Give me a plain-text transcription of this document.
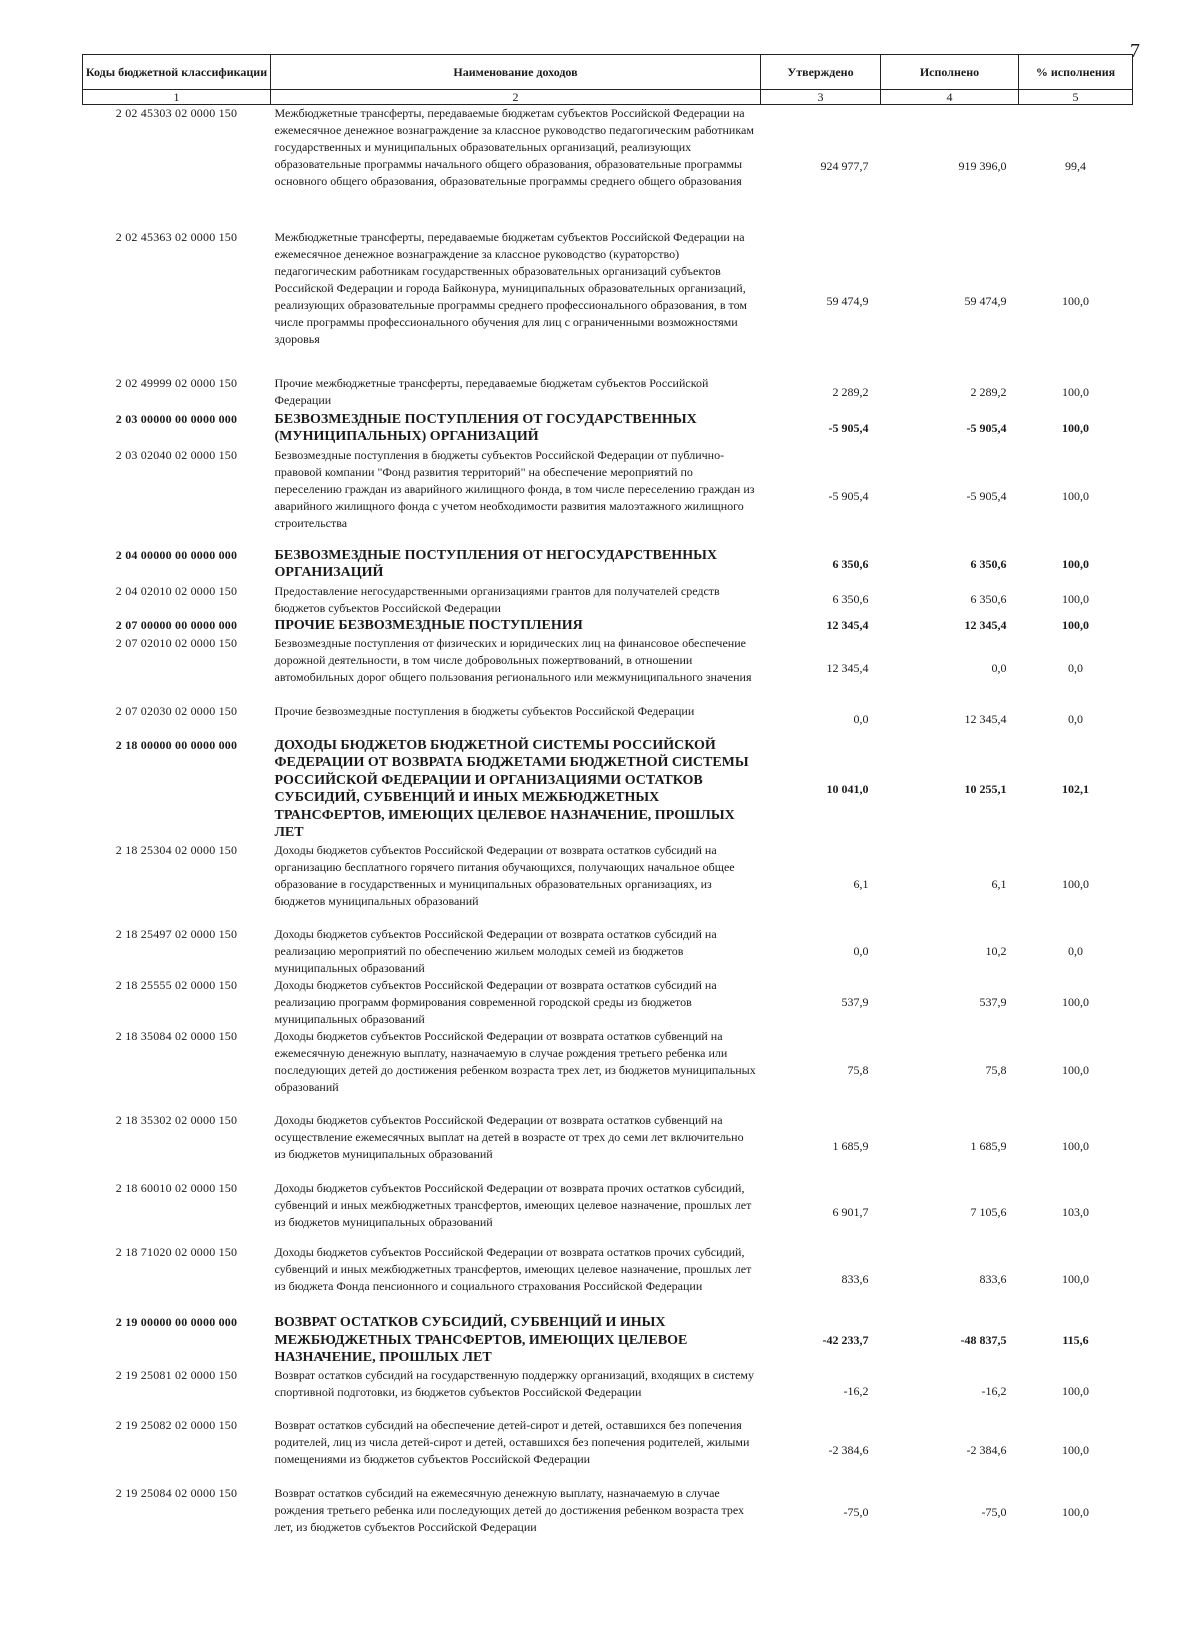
7
Коды бюджетной классификации	Наименование доходов	Утверждено	Исполнено	% исполнения
1	2	3	4	5
2 02 45303 02 0000 150	Межбюджетные трансферты, передаваемые бюджетам субъектов Российской Федерации на ежемесячное денежное вознаграждение за классное руководство педагогическим работникам государственных и муниципальных образовательных организаций, реализующих образовательные программы начального общего образования, образовательные программы основного общего образования, образовательные программы среднего общего образования	924 977,7	919 396,0	99,4
2 02 45363 02 0000 150	Межбюджетные трансферты, передаваемые бюджетам субъектов Российской Федерации на ежемесячное денежное вознаграждение за классное руководство (кураторство) педагогическим работникам государственных образовательных организаций субъектов Российской Федерации и города Байконура, муниципальных образовательных организаций, реализующих образовательные программы среднего профессионального образования, в том числе программы профессионального обучения для лиц с ограниченными возможностями здоровья	59 474,9	59 474,9	100,0
2 02 49999 02 0000 150	Прочие межбюджетные трансферты, передаваемые бюджетам субъектов Российской Федерации	2 289,2	2 289,2	100,0
2 03 00000 00 0000 000	БЕЗВОЗМЕЗДНЫЕ ПОСТУПЛЕНИЯ ОТ ГОСУДАРСТВЕННЫХ (МУНИЦИПАЛЬНЫХ) ОРГАНИЗАЦИЙ	-5 905,4	-5 905,4	100,0
2 03 02040 02 0000 150	Безвозмездные поступления в бюджеты субъектов Российской Федерации от публично-правовой компании "Фонд развития территорий" на обеспечение мероприятий по переселению граждан из аварийного жилищного фонда, в том числе переселению граждан из аварийного жилищного фонда с учетом необходимости развития малоэтажного жилищного строительства	-5 905,4	-5 905,4	100,0
2 04 00000 00 0000 000	БЕЗВОЗМЕЗДНЫЕ ПОСТУПЛЕНИЯ ОТ НЕГОСУДАРСТВЕННЫХ ОРГАНИЗАЦИЙ	6 350,6	6 350,6	100,0
2 04 02010 02 0000 150	Предоставление негосударственными организациями грантов для получателей средств бюджетов субъектов Российской Федерации	6 350,6	6 350,6	100,0
2 07 00000 00 0000 000	ПРОЧИЕ БЕЗВОЗМЕЗДНЫЕ ПОСТУПЛЕНИЯ	12 345,4	12 345,4	100,0
2 07 02010 02 0000 150	Безвозмездные поступления от физических и юридических лиц на финансовое обеспечение дорожной деятельности, в том числе добровольных пожертвований, в отношении автомобильных дорог общего пользования регионального или межмуниципального значения	12 345,4	0,0	0,0
2 07 02030 02 0000 150	Прочие безвозмездные поступления в бюджеты субъектов Российской Федерации	0,0	12 345,4	0,0
2 18 00000 00 0000 000	ДОХОДЫ БЮДЖЕТОВ БЮДЖЕТНОЙ СИСТЕМЫ РОССИЙСКОЙ ФЕДЕРАЦИИ ОТ ВОЗВРАТА БЮДЖЕТАМИ БЮДЖЕТНОЙ СИСТЕМЫ РОССИЙСКОЙ ФЕДЕРАЦИИ И ОРГАНИЗАЦИЯМИ ОСТАТКОВ СУБСИДИЙ, СУБВЕНЦИЙ И ИНЫХ МЕЖБЮДЖЕТНЫХ ТРАНСФЕРТОВ, ИМЕЮЩИХ ЦЕЛЕВОЕ НАЗНАЧЕНИЕ, ПРОШЛЫХ ЛЕТ	10 041,0	10 255,1	102,1
2 18 25304 02 0000 150	Доходы бюджетов субъектов Российской Федерации от возврата остатков субсидий на организацию бесплатного горячего питания обучающихся, получающих начальное общее образование в государственных и муниципальных образовательных организациях, из бюджетов муниципальных образований	6,1	6,1	100,0
2 18 25497 02 0000 150	Доходы бюджетов субъектов Российской Федерации от возврата остатков субсидий на реализацию мероприятий по обеспечению жильем молодых семей из бюджетов муниципальных образований	0,0	10,2	0,0
2 18 25555 02 0000 150	Доходы бюджетов субъектов Российской Федерации от возврата остатков субсидий на реализацию программ формирования современной городской среды из бюджетов муниципальных образований	537,9	537,9	100,0
2 18 35084 02 0000 150	Доходы бюджетов субъектов Российской Федерации от возврата остатков субвенций на ежемесячную денежную выплату, назначаемую в случае рождения третьего ребенка или последующих детей до достижения ребенком возраста трех лет, из бюджетов муниципальных образований	75,8	75,8	100,0
2 18 35302 02 0000 150	Доходы бюджетов субъектов Российской Федерации от возврата остатков субвенций на осуществление ежемесячных выплат на детей в возрасте от трех до семи лет включительно из бюджетов муниципальных образований	1 685,9	1 685,9	100,0
2 18 60010 02 0000 150	Доходы бюджетов субъектов Российской Федерации от возврата прочих остатков субсидий, субвенций и иных межбюджетных трансфертов, имеющих целевое назначение, прошлых лет из бюджетов муниципальных образований	6 901,7	7 105,6	103,0
2 18 71020 02 0000 150	Доходы бюджетов субъектов Российской Федерации от возврата остатков прочих субсидий, субвенций и иных межбюджетных трансфертов, имеющих целевое назначение, прошлых лет из бюджета Фонда пенсионного и социального страхования Российской Федерации	833,6	833,6	100,0
2 19 00000 00 0000 000	ВОЗВРАТ ОСТАТКОВ СУБСИДИЙ, СУБВЕНЦИЙ И ИНЫХ МЕЖБЮДЖЕТНЫХ ТРАНСФЕРТОВ, ИМЕЮЩИХ ЦЕЛЕВОЕ НАЗНАЧЕНИЕ, ПРОШЛЫХ ЛЕТ	-42 233,7	-48 837,5	115,6
2 19 25081 02 0000 150	Возврат остатков субсидий на государственную поддержку организаций, входящих в систему спортивной подготовки, из бюджетов субъектов Российской Федерации	-16,2	-16,2	100,0
2 19 25082 02 0000 150	Возврат остатков субсидий на обеспечение детей-сирот и детей, оставшихся без попечения родителей, лиц из числа детей-сирот и детей, оставшихся без попечения родителей, жилыми помещениями из бюджетов субъектов Российской Федерации	-2 384,6	-2 384,6	100,0
2 19 25084 02 0000 150	Возврат остатков субсидий на ежемесячную денежную выплату, назначаемую в случае рождения третьего ребенка или последующих детей до достижения ребенком возраста трех лет, из бюджетов субъектов Российской Федерации	-75,0	-75,0	100,0
